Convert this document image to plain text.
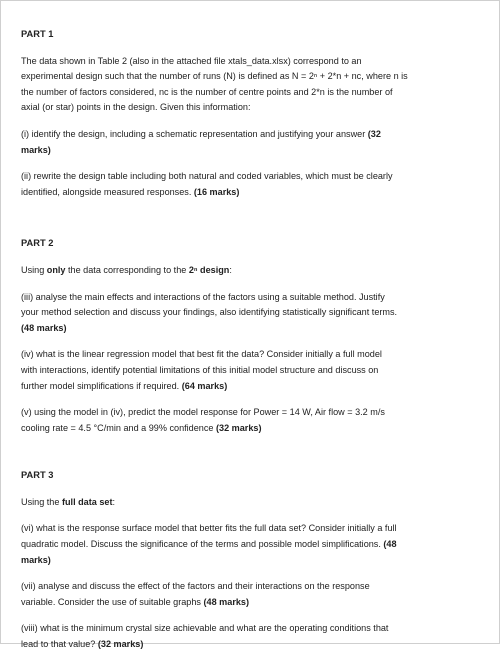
PART 1

The data shown in Table 2 (also in the attached file xtals_data.xlsx) correspond to an

experimental design such that the number of runs (N) is defined as N = 2ⁿ + 2*n + nc, where n is

the number of factors considered, nc is the number of centre points and 2*n is the number of

axial (or star) points in the design. Given this information:

(i) identify the design, including a schematic representation and justifying your answer (32

marks)

(ii) rewrite the design table including both natural and coded variables, which must be clearly

identified, alongside measured responses. (16 marks)

PART 2

Using only the data corresponding to the 2ⁿ design:

(iii) analyse the main effects and interactions of the factors using a suitable method. Justify

your method selection and discuss your findings, also identifying statistically significant terms.

(48 marks)

(iv) what is the linear regression model that best fit the data? Consider initially a full model

with interactions, identify potential limitations of this initial model structure and discuss on

further model simplifications if required. (64 marks)

(v) using the model in (iv), predict the model response for Power = 14 W, Air flow = 3.2 m/s

cooling rate = 4.5 °C/min and a 99% confidence (32 marks)

PART 3

Using the full data set:

(vi) what is the response surface model that better fits the full data set? Consider initially a full

quadratic model. Discuss the significance of the terms and possible model simplifications. (48

marks)

(vii) analyse and discuss the effect of the factors and their interactions on the response

variable. Consider the use of suitable graphs (48 marks)

(viii) what is the minimum crystal size achievable and what are the operating conditions that

lead to that value? (32 marks)
